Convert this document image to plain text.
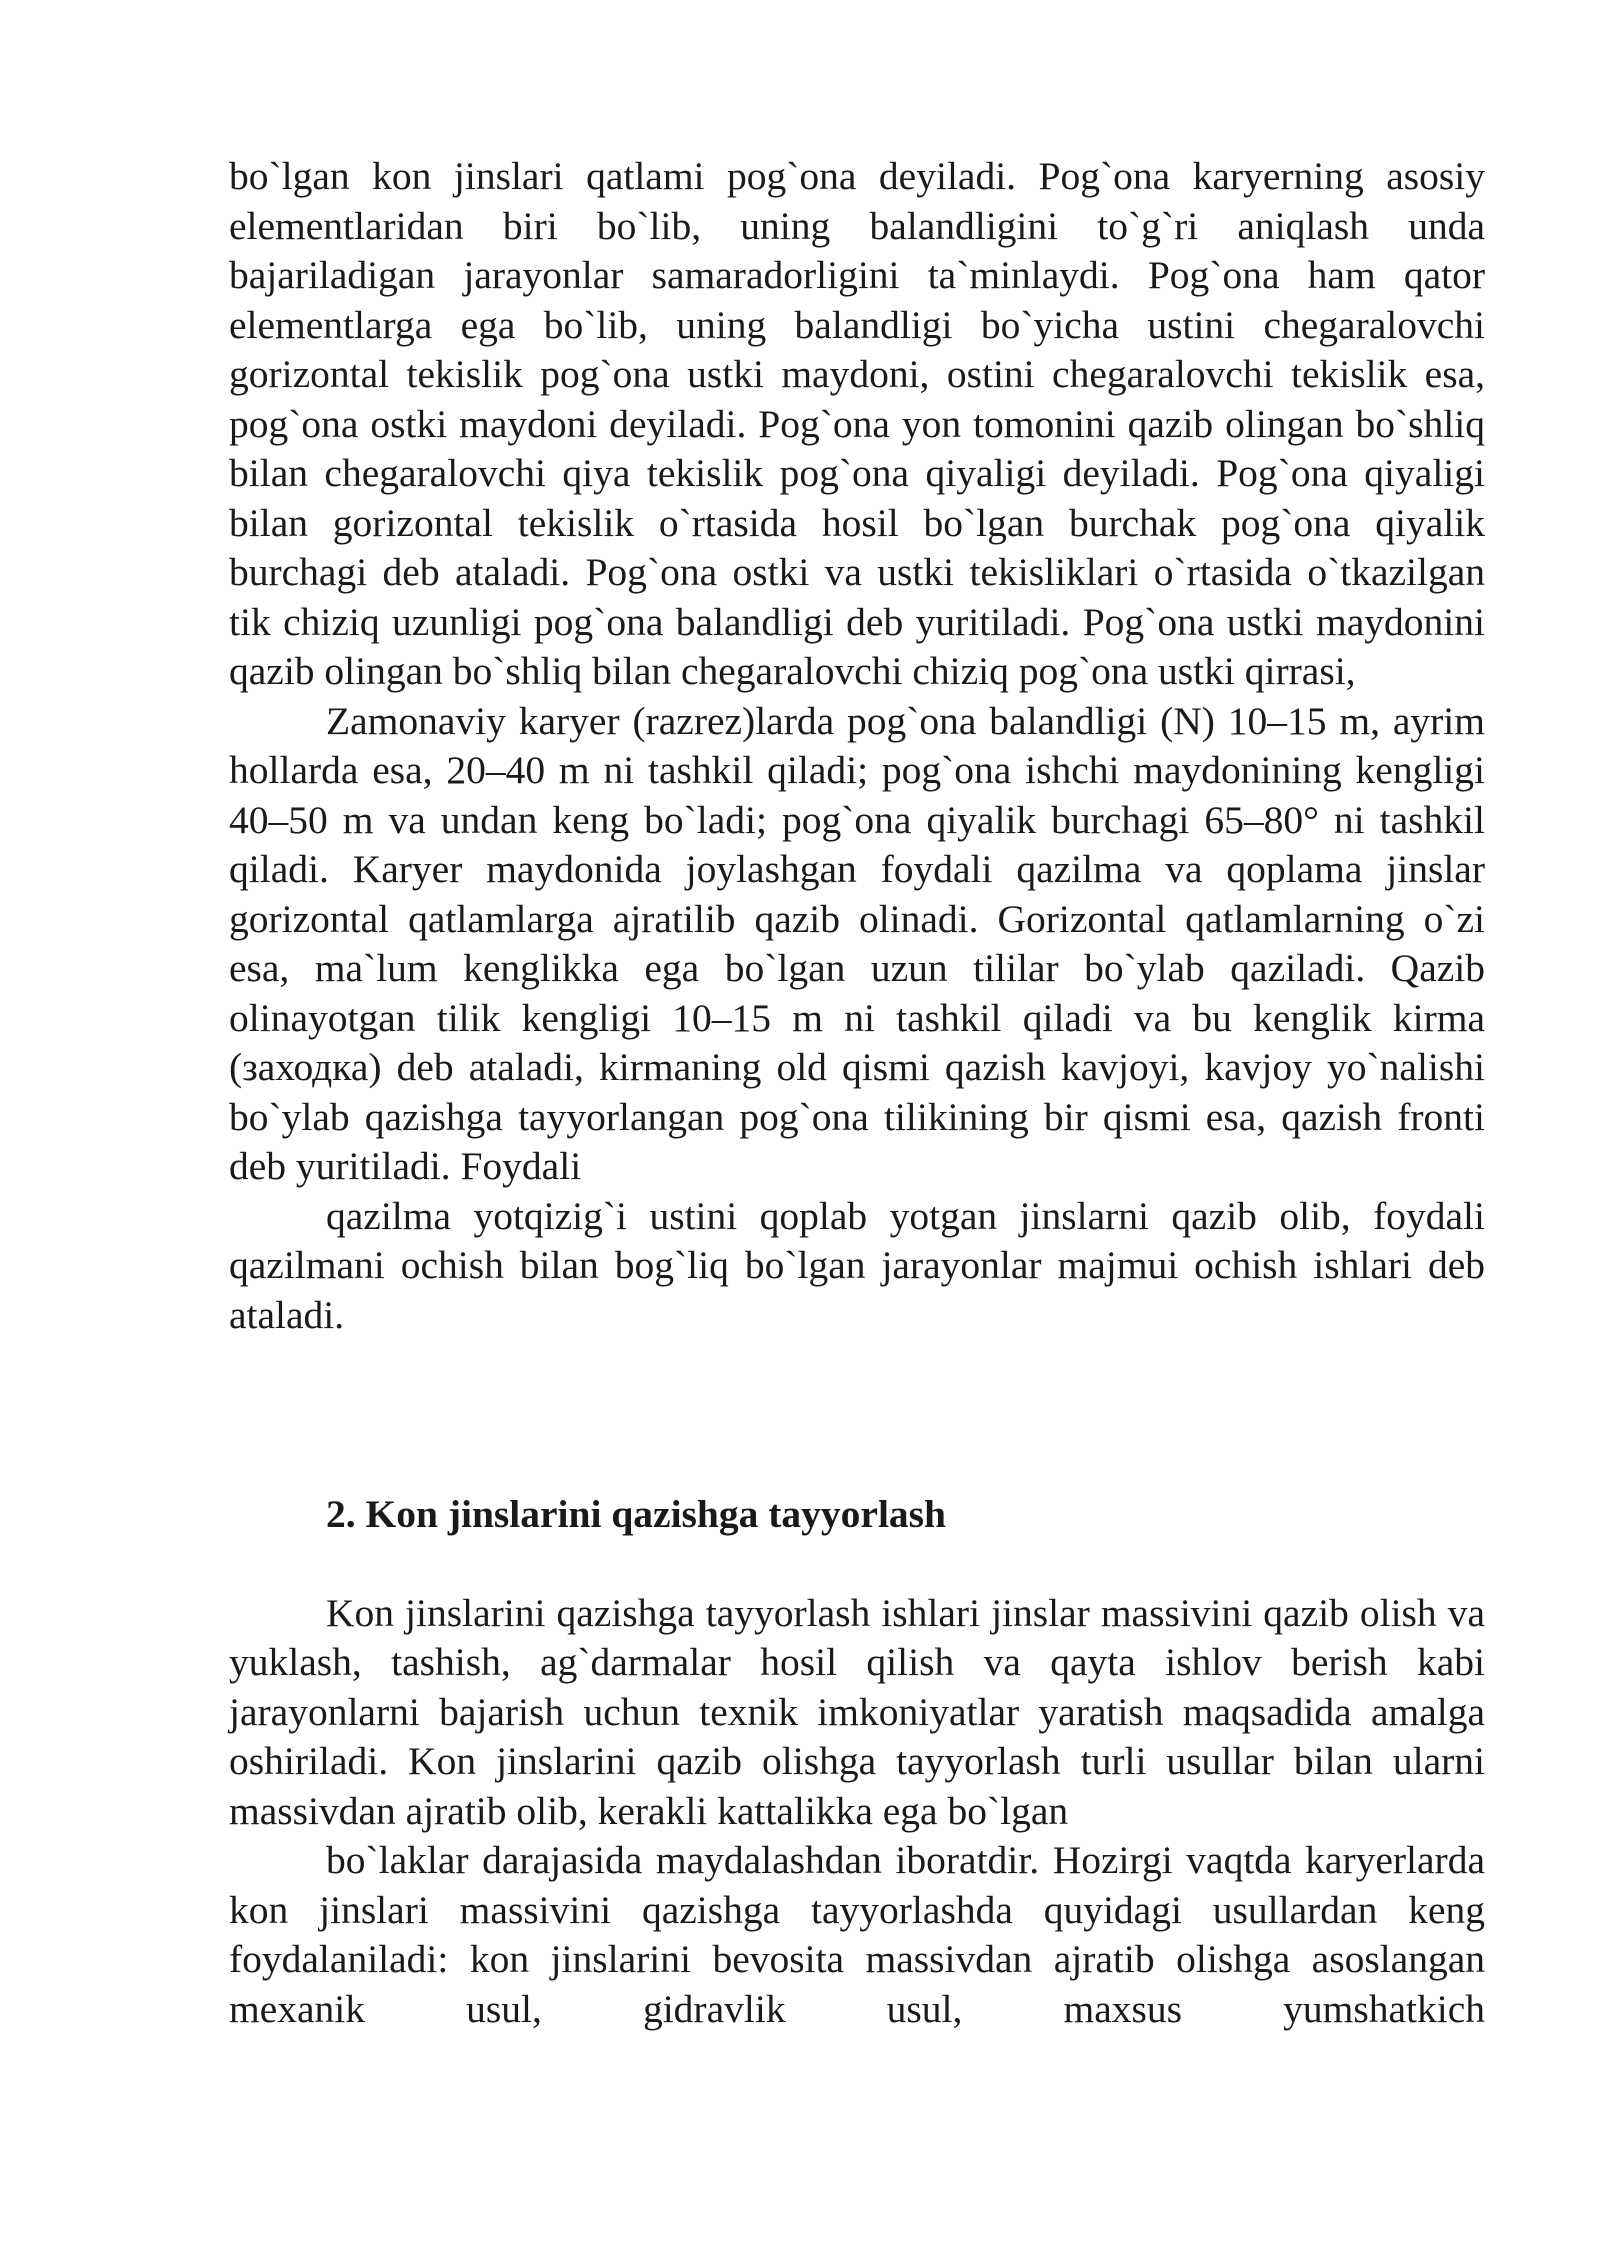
bo`lgan kon jinslari qatlami pog`ona deyiladi. Pog`ona karyerning asosiy elementlaridan biri bo`lib, uning balandligini to`g`ri aniqlash unda bajariladigan jarayonlar samaradorligini ta`minlaydi. Pog`ona ham qator elementlarga ega bo`lib, uning balandligi bo`yicha ustini chegaralovchi gorizontal tekislik pog`ona ustki maydoni, ostini chegaralovchi tekislik esa, pog`ona ostki maydoni deyiladi. Pog`ona yon tomonini qazib olingan bo`shliq bilan chegaralovchi qiya tekislik pog`ona qiyaligi deyiladi. Pog`ona qiyaligi bilan gorizontal tekislik o`rtasida hosil bo`lgan burchak pog`ona qiyalik burchagi deb ataladi. Pog`ona ostki va ustki tekisliklari o`rtasida o`tkazilgan tik chiziq uzunligi pog`ona balandligi deb yuritiladi. Pog`ona ustki maydonini qazib olingan bo`shliq bilan chegaralovchi chiziq pog`ona ustki qirrasi,

Zamonaviy karyer (razrez)larda pog`ona balandligi (N) 10–15 m, ayrim hollarda esa, 20–40 m ni tashkil qiladi; pog`ona ishchi maydonining kengligi 40–50 m va undan keng bo`ladi; pog`ona qiyalik burchagi 65–80° ni tashkil qiladi. Karyer maydonida joylashgan foydali qazilma va qoplama jinslar gorizontal qatlamlarga ajratilib qazib olinadi. Gorizontal qatlamlarning o`zi esa, ma`lum kenglikka ega bo`lgan uzun tililar bo`ylab qaziladi. Qazib olinayotgan tilik kengligi 10–15 m ni tashkil qiladi va bu kenglik kirma (заходка) deb ataladi, kirmaning old qismi qazish kavjoyi, kavjoy yo`nalishi bo`ylab qazishga tayyorlangan pog`ona tilikining bir qismi esa, qazish fronti deb yuritiladi. Foydali

qazilma yotqizig`i ustini qoplab yotgan jinslarni qazib olib, foydali qazilmani ochish bilan bog`liq bo`lgan jarayonlar majmui ochish ishlari deb ataladi.

2. Kon jinslarini qazishga tayyorlash

Kon jinslarini qazishga tayyorlash ishlari jinslar massivini qazib olish va yuklash, tashish, ag`darmalar hosil qilish va qayta ishlov berish kabi jarayonlarni bajarish uchun texnik imkoniyatlar yaratish maqsadida amalga oshiriladi. Kon jinslarini qazib olishga tayyorlash turli usullar bilan ularni massivdan ajratib olib, kerakli kattalikka ega bo`lgan

bo`laklar darajasida maydalashdan iboratdir. Hozirgi vaqtda karyerlarda kon jinslari massivini qazishga tayyorlashda quyidagi usullardan keng foydalaniladi: kon jinslarini bevosita massivdan ajratib olishga asoslangan mexanik usul, gidravlik usul, maxsus yumshatkich
